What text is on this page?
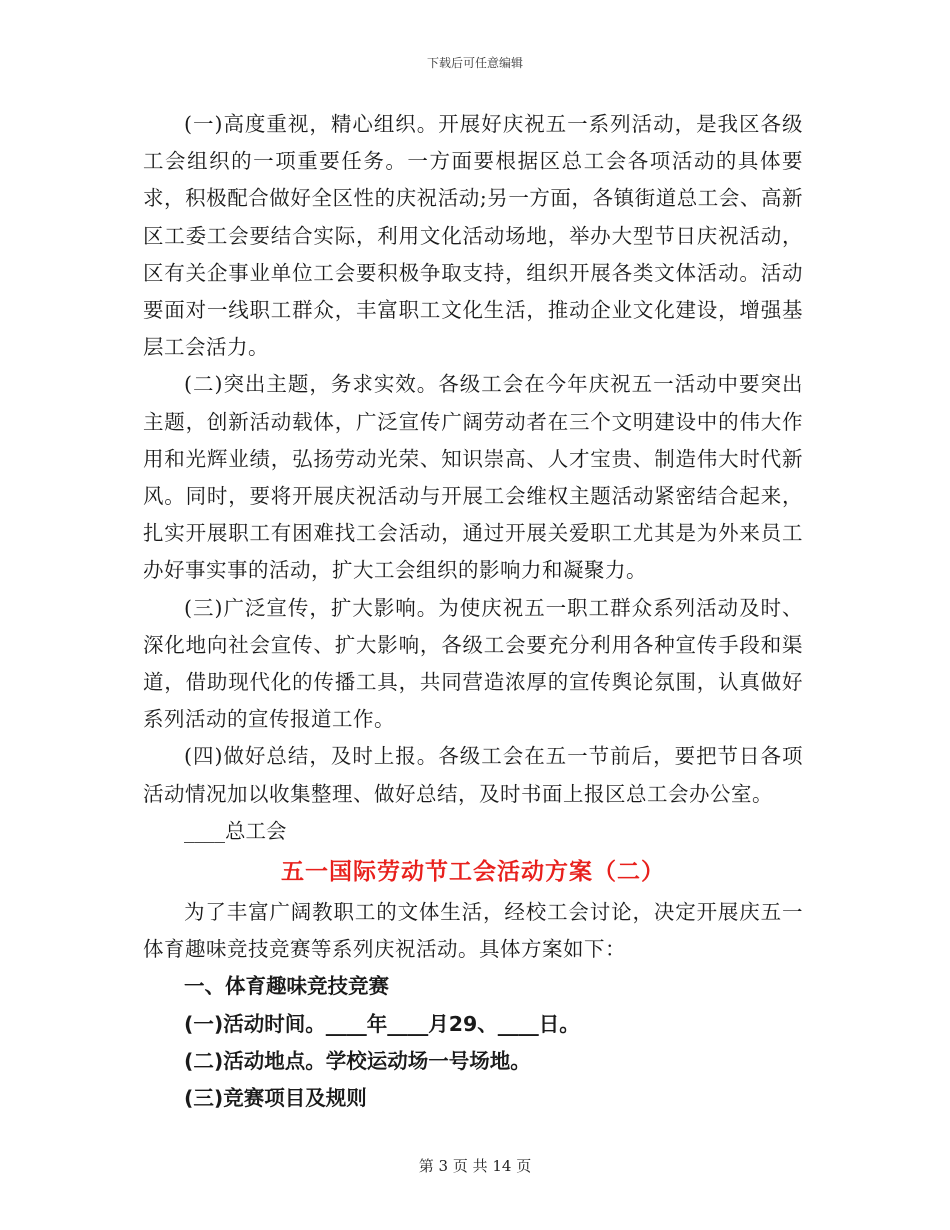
下载后可任意编辑

(一)高度重视，精心组织。开展好庆祝五一系列活动，是我区各级工会组织的一项重要任务。一方面要根据区总工会各项活动的具体要求，积极配合做好全区性的庆祝活动;另一方面，各镇街道总工会、高新区工委工会要结合实际，利用文化活动场地，举办大型节日庆祝活动，区有关企事业单位工会要积极争取支持，组织开展各类文体活动。活动要面对一线职工群众，丰富职工文化生活，推动企业文化建设，增强基层工会活力。

(二)突出主题，务求实效。各级工会在今年庆祝五一活动中要突出主题，创新活动载体，广泛宣传广阔劳动者在三个文明建设中的伟大作用和光辉业绩，弘扬劳动光荣、知识崇高、人才宝贵、制造伟大时代新风。同时，要将开展庆祝活动与开展工会维权主题活动紧密结合起来，扎实开展职工有困难找工会活动，通过开展关爱职工尤其是为外来员工办好事实事的活动，扩大工会组织的影响力和凝聚力。

(三)广泛宣传，扩大影响。为使庆祝五一职工群众系列活动及时、深化地向社会宣传、扩大影响，各级工会要充分利用各种宣传手段和渠道，借助现代化的传播工具，共同营造浓厚的宣传舆论氛围，认真做好系列活动的宣传报道工作。

(四)做好总结，及时上报。各级工会在五一节前后，要把节日各项活动情况加以收集整理、做好总结，及时书面上报区总工会办公室。

____总工会

五一国际劳动节工会活动方案（二）

为了丰富广阔教职工的文体生活，经校工会讨论，决定开展庆五一体育趣味竞技竞赛等系列庆祝活动。具体方案如下：

一、体育趣味竞技竞赛

(一)活动时间。____年____月29、____日。

(二)活动地点。学校运动场一号场地。

(三)竞赛项目及规则

第 3 页 共 14 页
